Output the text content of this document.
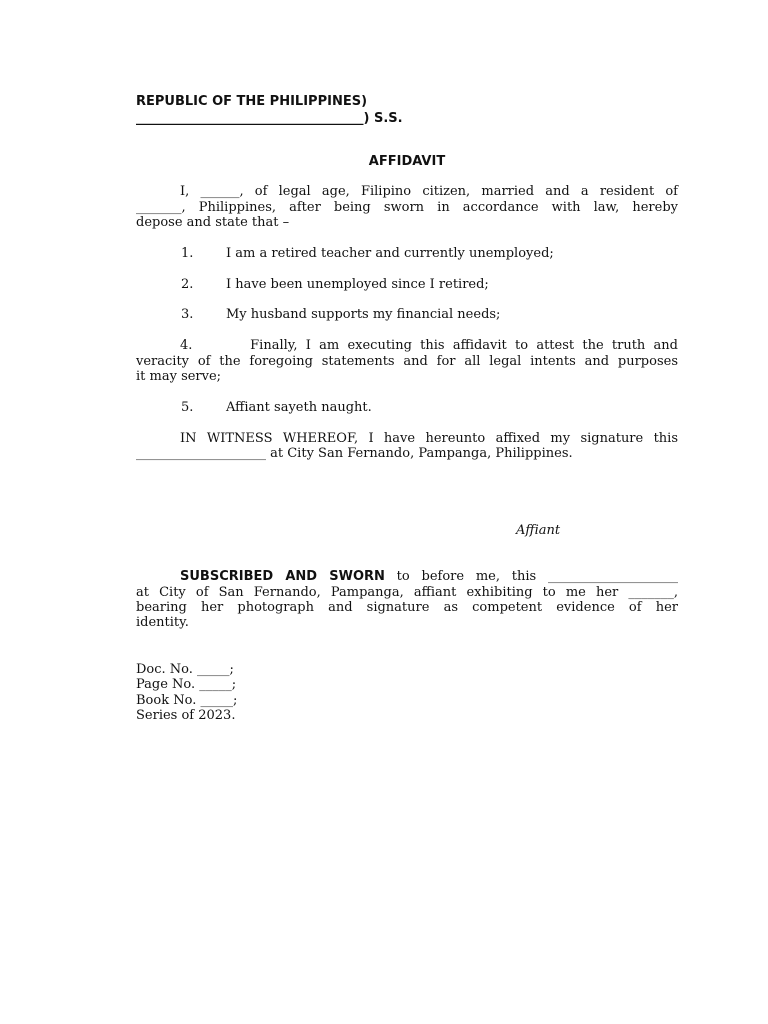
REPUBLIC OF THE PHILIPPINES)
___________________________________) S.S.
AFFIDAVIT
I, ______, of legal age, Filipino citizen, married and a resident of
_______, Philippines, after being sworn in accordance with law, hereby
depose and state that –
1.	I am a retired teacher and currently unemployed;
2.	I have been unemployed since I retired;
3.	My husband supports my financial needs;
4.       Finally, I am executing this affidavit to attest the truth and
veracity of the foregoing statements and for all legal intents and purposes
it may serve;
5.	Affiant sayeth naught.
IN WITNESS WHEREOF, I have hereunto affixed my signature this
____________________ at City San Fernando, Pampanga, Philippines.
Affiant
SUBSCRIBED AND SWORN to before me, this ____________________
at City of San Fernando, Pampanga, affiant exhibiting to me her _______,
bearing her photograph and signature as competent evidence of her
identity.
Doc. No. _____;
Page No. _____;
Book No. _____;
Series of 2023.
